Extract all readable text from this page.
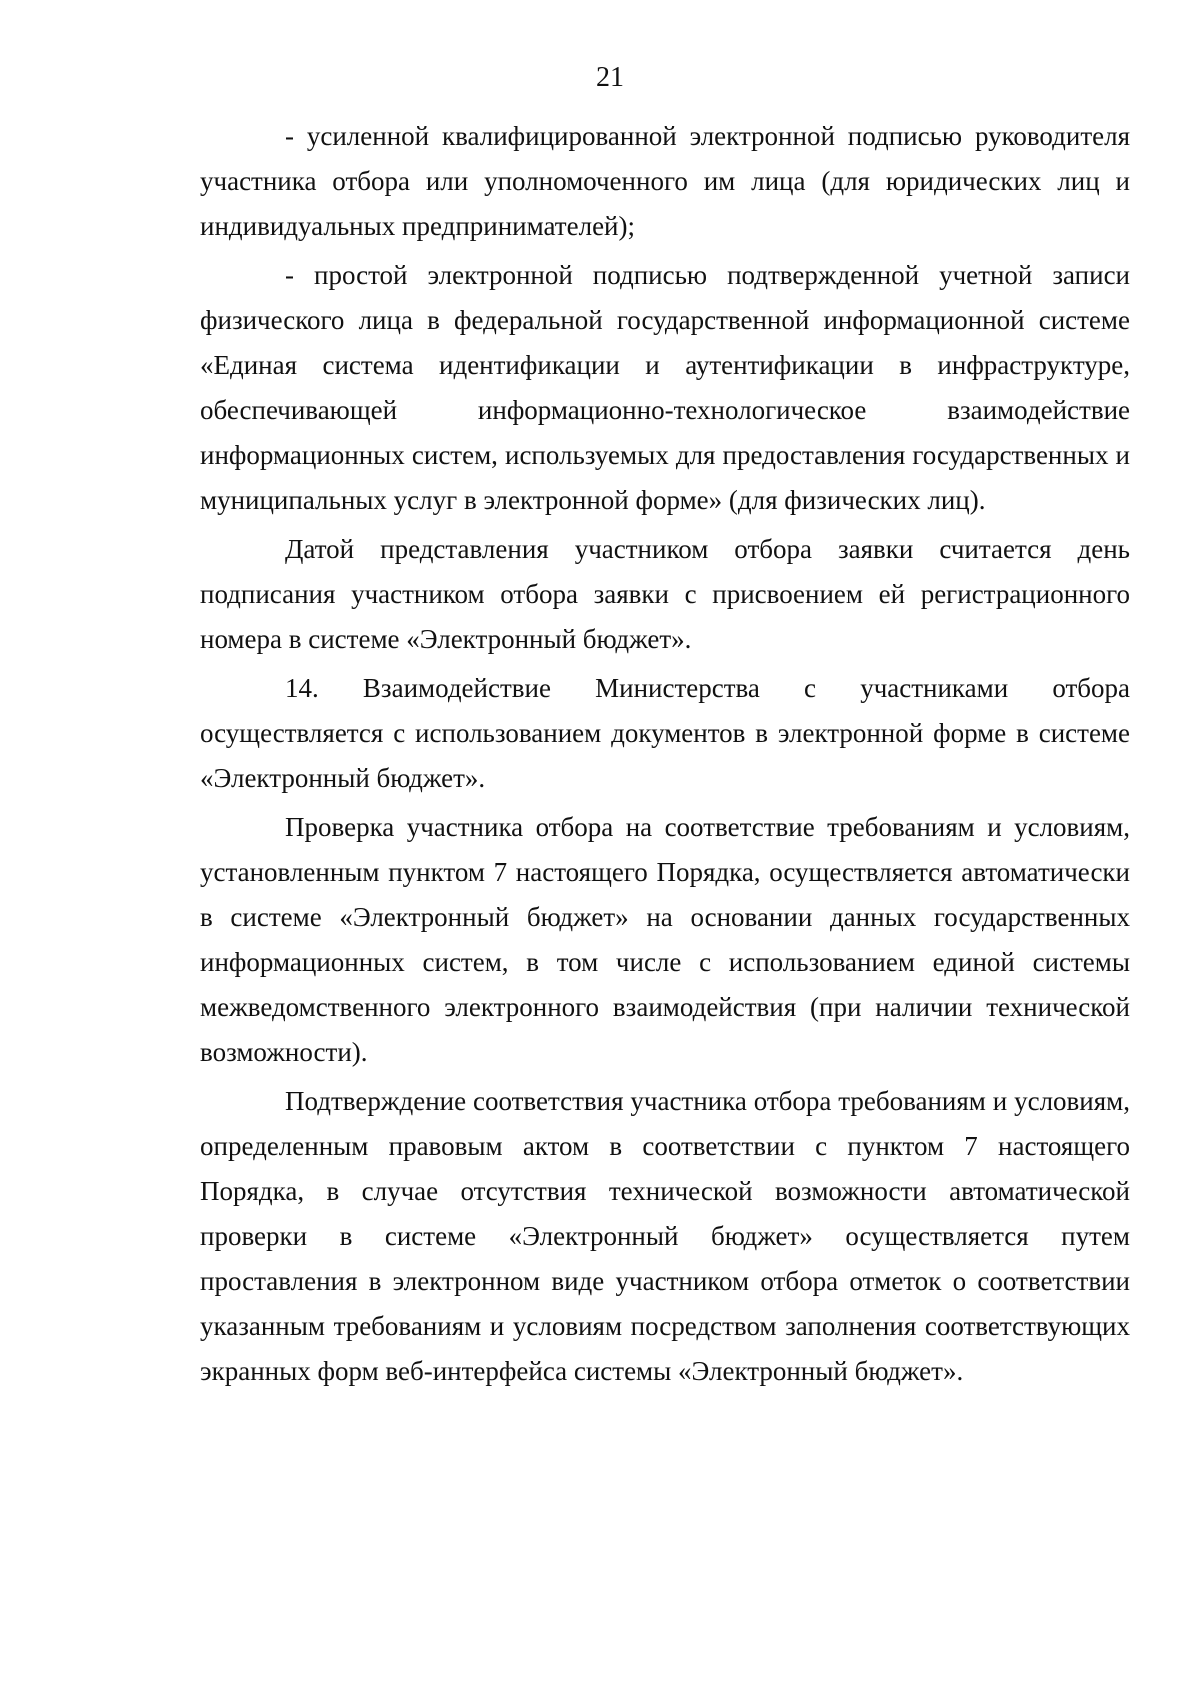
21

- усиленной квалифицированной электронной подписью руководителя участника отбора или уполномоченного им лица (для юридических лиц и индивидуальных предпринимателей);

- простой электронной подписью подтвержденной учетной записи физического лица в федеральной государственной информационной системе «Единая система идентификации и аутентификации в инфраструктуре, обеспечивающей информационно-технологическое взаимодействие информационных систем, используемых для предоставления государственных и муниципальных услуг в электронной форме» (для физических лиц).

Датой представления участником отбора заявки считается день подписания участником отбора заявки с присвоением ей регистрационного номера в системе «Электронный бюджет».

14. Взаимодействие Министерства с участниками отбора осуществляется с использованием документов в электронной форме в системе «Электронный бюджет».

Проверка участника отбора на соответствие требованиям и условиям, установленным пунктом 7 настоящего Порядка, осуществляется автоматически в системе «Электронный бюджет» на основании данных государственных информационных систем, в том числе с использованием единой системы межведомственного электронного взаимодействия (при наличии технической возможности).

Подтверждение соответствия участника отбора требованиям и условиям, определенным правовым актом в соответствии с пунктом 7 настоящего Порядка, в случае отсутствия технической возможности автоматической проверки в системе «Электронный бюджет» осуществляется путем проставления в электронном виде участником отбора отметок о соответствии указанным требованиям и условиям посредством заполнения соответствующих экранных форм веб-интерфейса системы «Электронный бюджет».
